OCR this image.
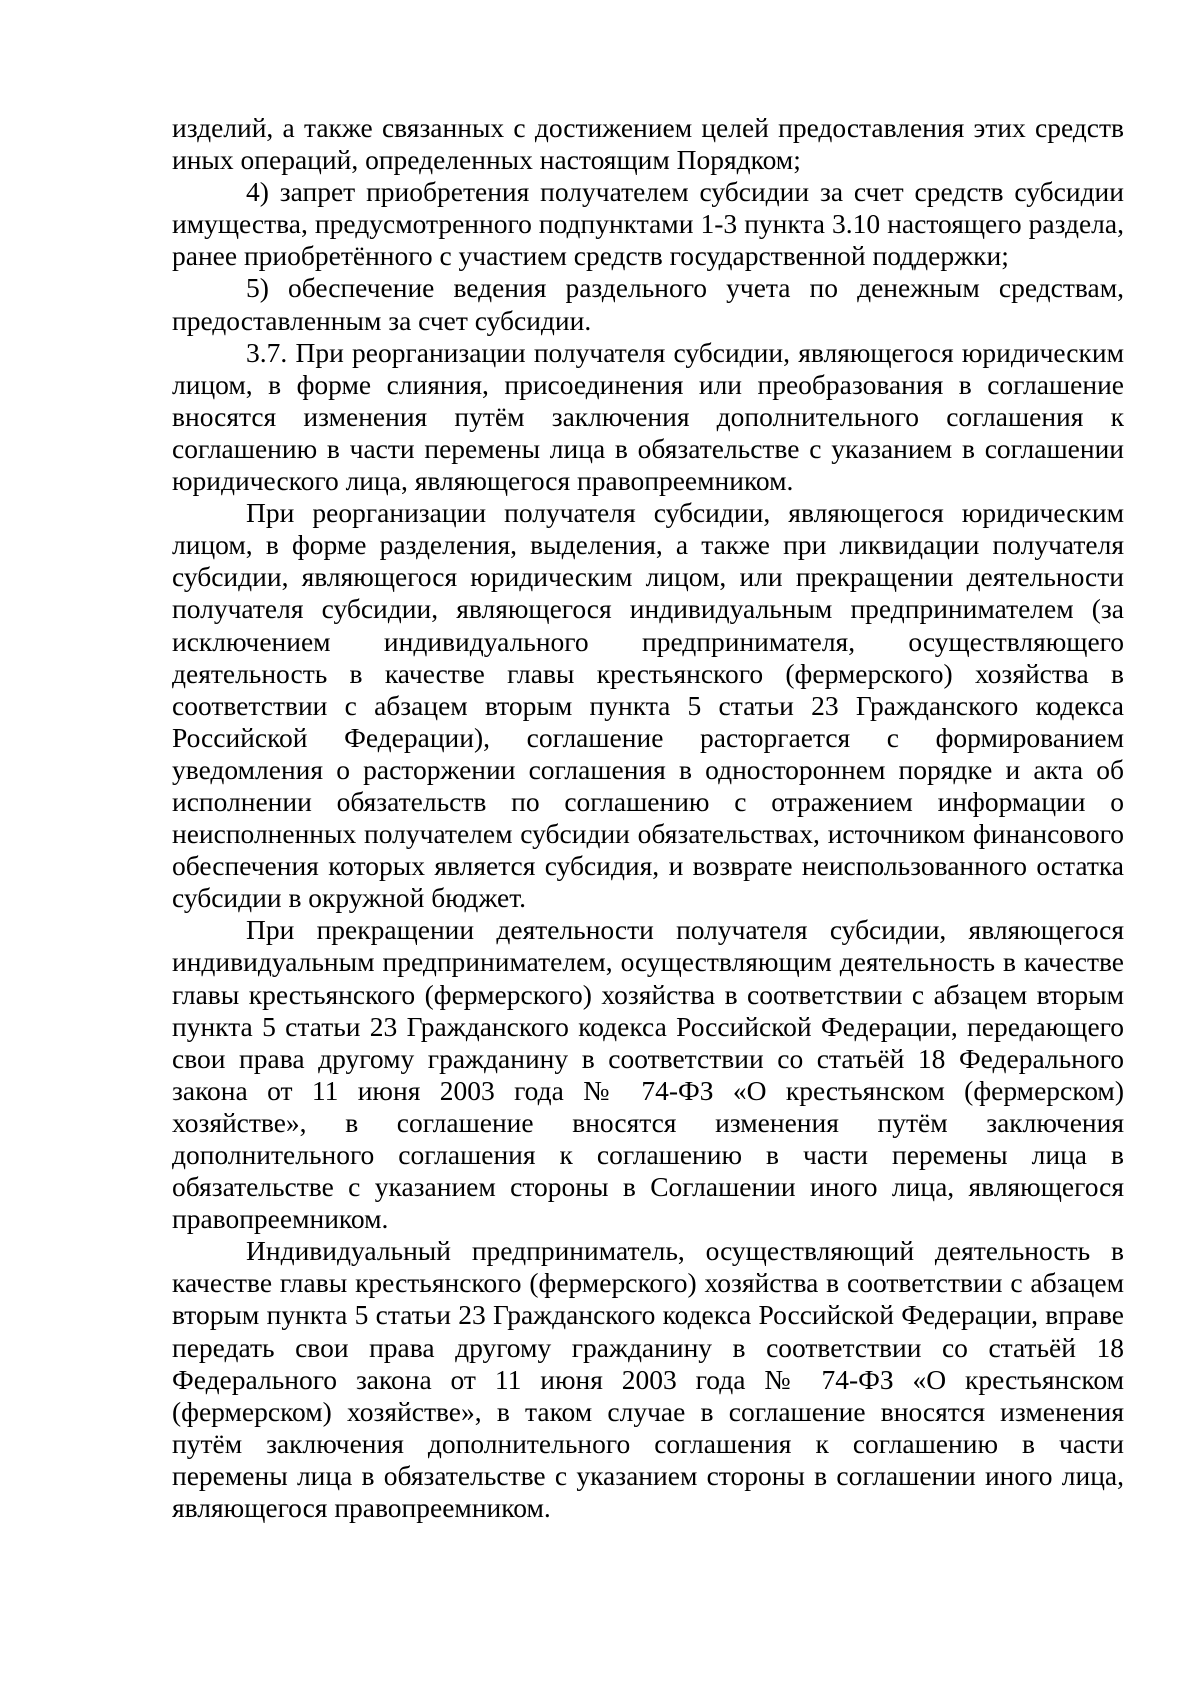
изделий, а также связанных с достижением целей предоставления этих средств иных операций, определенных настоящим Порядком;

4) запрет приобретения получателем субсидии за счет средств субсидии имущества, предусмотренного подпунктами 1-3 пункта 3.10 настоящего раздела, ранее приобретённого с участием средств государственной поддержки;

5) обеспечение ведения раздельного учета по денежным средствам, предоставленным за счет субсидии.

3.7. При реорганизации получателя субсидии, являющегося юридическим лицом, в форме слияния, присоединения или преобразования в соглашение вносятся изменения путём заключения дополнительного соглашения к соглашению в части перемены лица в обязательстве с указанием в соглашении юридического лица, являющегося правопреемником.

При реорганизации получателя субсидии, являющегося юридическим лицом, в форме разделения, выделения, а также при ликвидации получателя субсидии, являющегося юридическим лицом, или прекращении деятельности получателя субсидии, являющегося индивидуальным предпринимателем (за исключением индивидуального предпринимателя, осуществляющего деятельность в качестве главы крестьянского (фермерского) хозяйства в соответствии с абзацем вторым пункта 5 статьи 23 Гражданского кодекса Российской Федерации), соглашение расторгается с формированием уведомления о расторжении соглашения в одностороннем порядке и акта об исполнении обязательств по соглашению с отражением информации о неисполненных получателем субсидии обязательствах, источником финансового обеспечения которых является субсидия, и возврате неиспользованного остатка субсидии в окружной бюджет.

При прекращении деятельности получателя субсидии, являющегося индивидуальным предпринимателем, осуществляющим деятельность в качестве главы крестьянского (фермерского) хозяйства в соответствии с абзацем вторым пункта 5 статьи 23 Гражданского кодекса Российской Федерации, передающего свои права другому гражданину в соответствии со статьёй 18 Федерального закона от 11 июня 2003 года № 74-ФЗ «О крестьянском (фермерском) хозяйстве», в соглашение вносятся изменения путём заключения дополнительного соглашения к соглашению в части перемены лица в обязательстве с указанием стороны в Соглашении иного лица, являющегося правопреемником.

Индивидуальный предприниматель, осуществляющий деятельность в качестве главы крестьянского (фермерского) хозяйства в соответствии с абзацем вторым пункта 5 статьи 23 Гражданского кодекса Российской Федерации, вправе передать свои права другому гражданину в соответствии со статьёй 18 Федерального закона от 11 июня 2003 года № 74-ФЗ «О крестьянском (фермерском) хозяйстве», в таком случае в соглашение вносятся изменения путём заключения дополнительного соглашения к соглашению в части перемены лица в обязательстве с указанием стороны в соглашении иного лица, являющегося правопреемником.
